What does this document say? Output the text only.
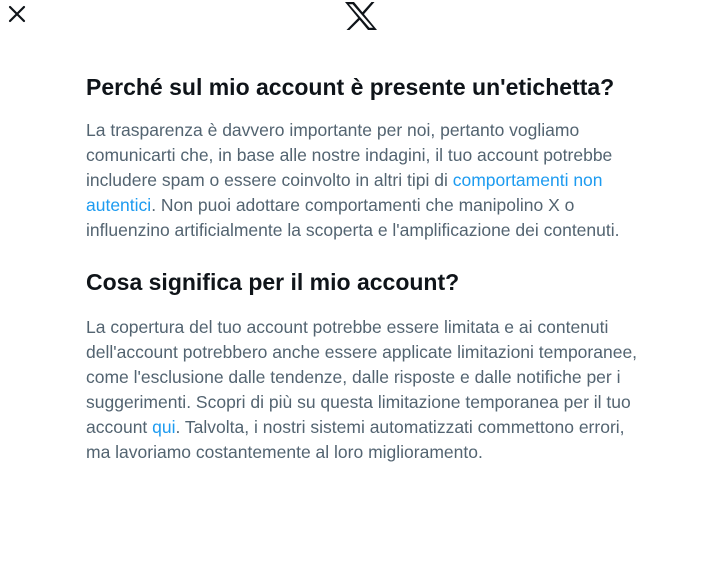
Perché sul mio account è presente un'etichetta?

La trasparenza è davvero importante per noi, pertanto vogliamo comunicarti che, in base alle nostre indagini, il tuo account potrebbe includere spam o essere coinvolto in altri tipi di comportamenti non autentici. Non puoi adottare comportamenti che manipolino X o influenzino artificialmente la scoperta e l'amplificazione dei contenuti.

Cosa significa per il mio account?

La copertura del tuo account potrebbe essere limitata e ai contenuti dell'account potrebbero anche essere applicate limitazioni temporanee, come l'esclusione dalle tendenze, dalle risposte e dalle notifiche per i suggerimenti. Scopri di più su questa limitazione temporanea per il tuo account qui. Talvolta, i nostri sistemi automatizzati commettono errori, ma lavoriamo costantemente al loro miglioramento.
